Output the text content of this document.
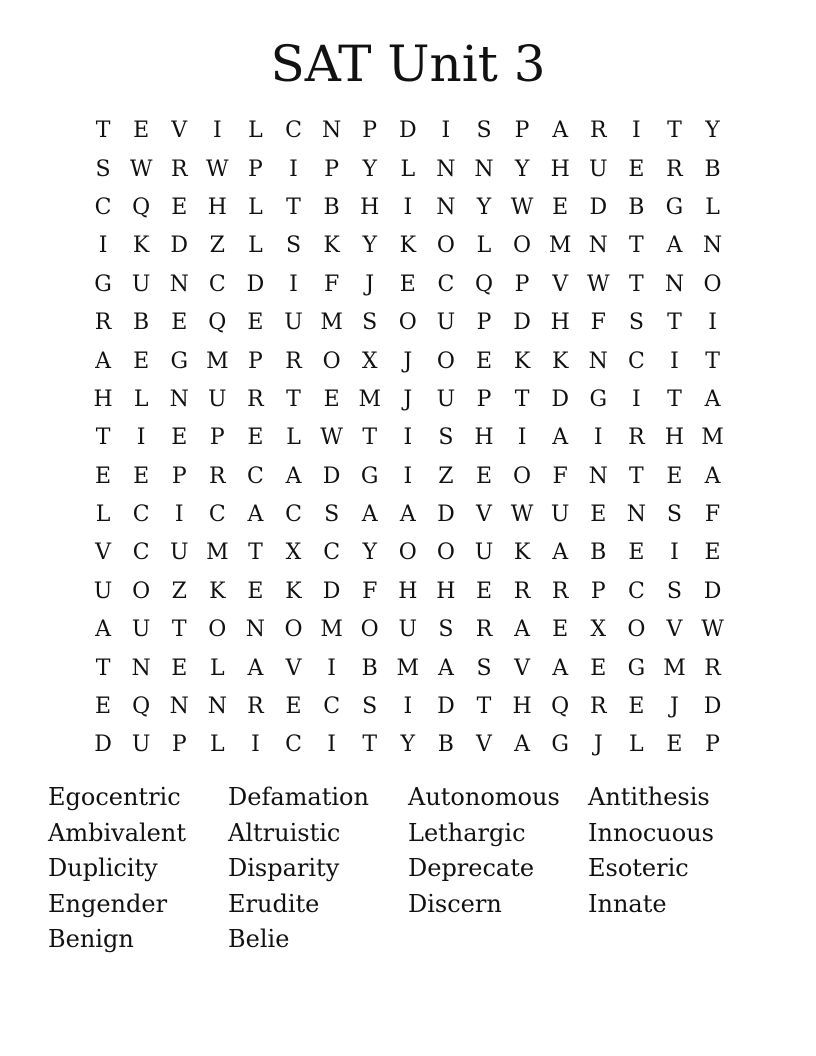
SAT Unit 3
T	E	V	I	L	C N P D	I	S	P	A R	I	T	Y
S W R W P	I	P	Y	L N N Y H U E R B
C Q E H L	T	B H	I	N Y W E D B G	L
I	K D Z	L	S	K	Y	K O L O M N T	A N
G U N C D	I	F	J	E C Q P	V W T N O
R B E Q E U M S O U P D H F	S	T	I
A	E G M P	R O X	J	O E K K N C	I	T
H L N U R	T	E M	J	U P	T D G	I	T	A
T	I	E	P	E	L W T	I	S H	I	A	I	R H M
E	E	P	R C A D G	I	Z	E O F N T	E	A
L	C	I	C A C	S	A	A D V W U E N S	F
V C U M T	X C	Y O O U K A	B E	I	E
U O Z	K E K D F H H E R R	P	C	S D
A U T O N O M O U S	R A	E	X O V W
T N E	L	A	V	I	B M A	S	V	A	E G M R
E Q N N R E C	S	I	D T H Q R E	J	D
D U P	L	I	C	I	T	Y	B	V	A G	J	L	E	P
Egocentric	Defamation	Autonomous	Antithesis
Ambivalent	Altruistic	Lethargic	Innocuous
Duplicity	Disparity	Deprecate	Esoteric
Engender	Erudite	Discern	Innate
Benign	Belie
